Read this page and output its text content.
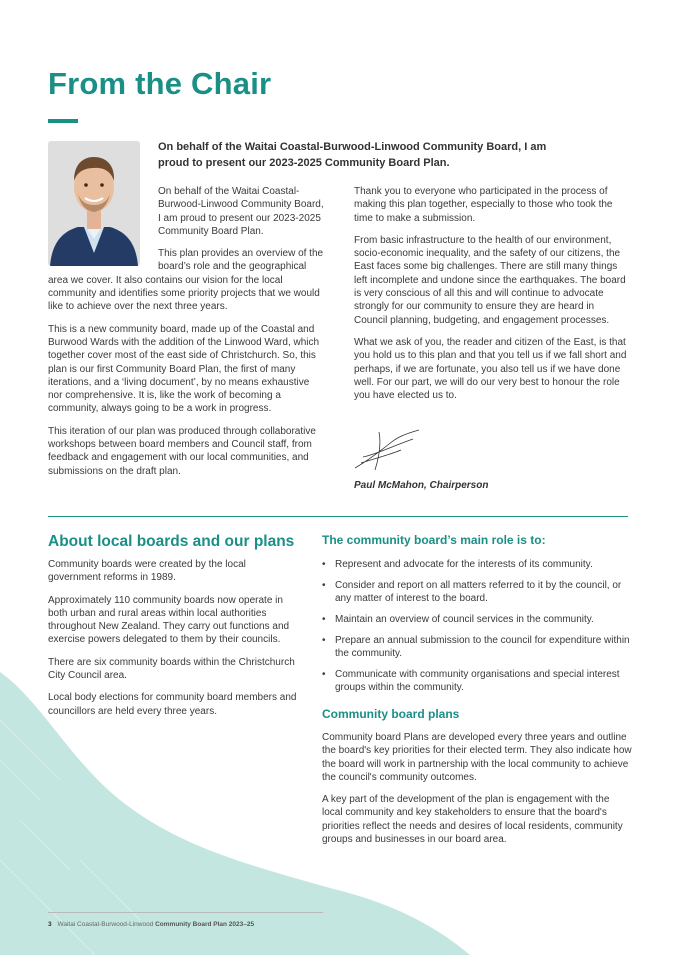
From the Chair

On behalf of the Waitai Coastal-Burwood-Linwood Community Board, I am proud to present our 2023-2025 Community Board Plan.

On behalf of the Waitai Coastal-Burwood-Linwood Community Board, I am proud to present our 2023-2025 Community Board Plan.

This plan provides an overview of the board’s role and the geographical area we cover. It also contains our vision for the local community and identifies some priority projects that we would like to achieve over the next three years.

This is a new community board, made up of the Coastal and Burwood Wards with the addition of the Linwood Ward, which together cover most of the east side of Christchurch. So, this plan is our first Community Board Plan, the first of many iterations, and a ‘living document’, by no means exhaustive nor comprehensive. It is, like the work of becoming a community, always going to be a work in progress.

This iteration of our plan was produced through collaborative workshops between board members and Council staff, from feedback and engagement with our local communities, and submissions on the draft plan.

Thank you to everyone who participated in the process of making this plan together, especially to those who took the time to make a submission.

From basic infrastructure to the health of our environment, socio-economic inequality, and the safety of our citizens, the East faces some big challenges. There are still many things left incomplete and undone since the earthquakes. The board is very conscious of all this and will continue to advocate strongly for our community to ensure they are heard in Council planning, budgeting, and engagement processes.

What we ask of you, the reader and citizen of the East, is that you hold us to this plan and that you tell us if we fall short and perhaps, if we are fortunate, you also tell us if we have done well. For our part, we will do our very best to honour the role you have elected us to.

Paul McMahon, Chairperson

About local boards and our plans

Community boards were created by the local government reforms in 1989.

Approximately 110 community boards now operate in both urban and rural areas within local authorities throughout New Zealand. They carry out functions and exercise powers delegated to them by their councils.

There are six community boards within the Christchurch City Council area.

Local body elections for community board members and councillors are held every three years.

The community board’s main role is to:
• Represent and advocate for the interests of its community.
• Consider and report on all matters referred to it by the council, or any matter of interest to the board.
• Maintain an overview of council services in the community.
• Prepare an annual submission to the council for expenditure within the community.
• Communicate with community organisations and special interest groups within the community.
Community board plans

Community board Plans are developed every three years and outline the board's key priorities for their elected term. They also indicate how the board will work in partnership with the local community to achieve the council's community outcomes.

A key part of the development of the plan is engagement with the local community and key stakeholders to ensure that the board's priorities reflect the needs and desires of local residents, community groups and businesses in our board area.

3 Waitai Coastal-Burwood-Linwood Community Board Plan 2023–25
